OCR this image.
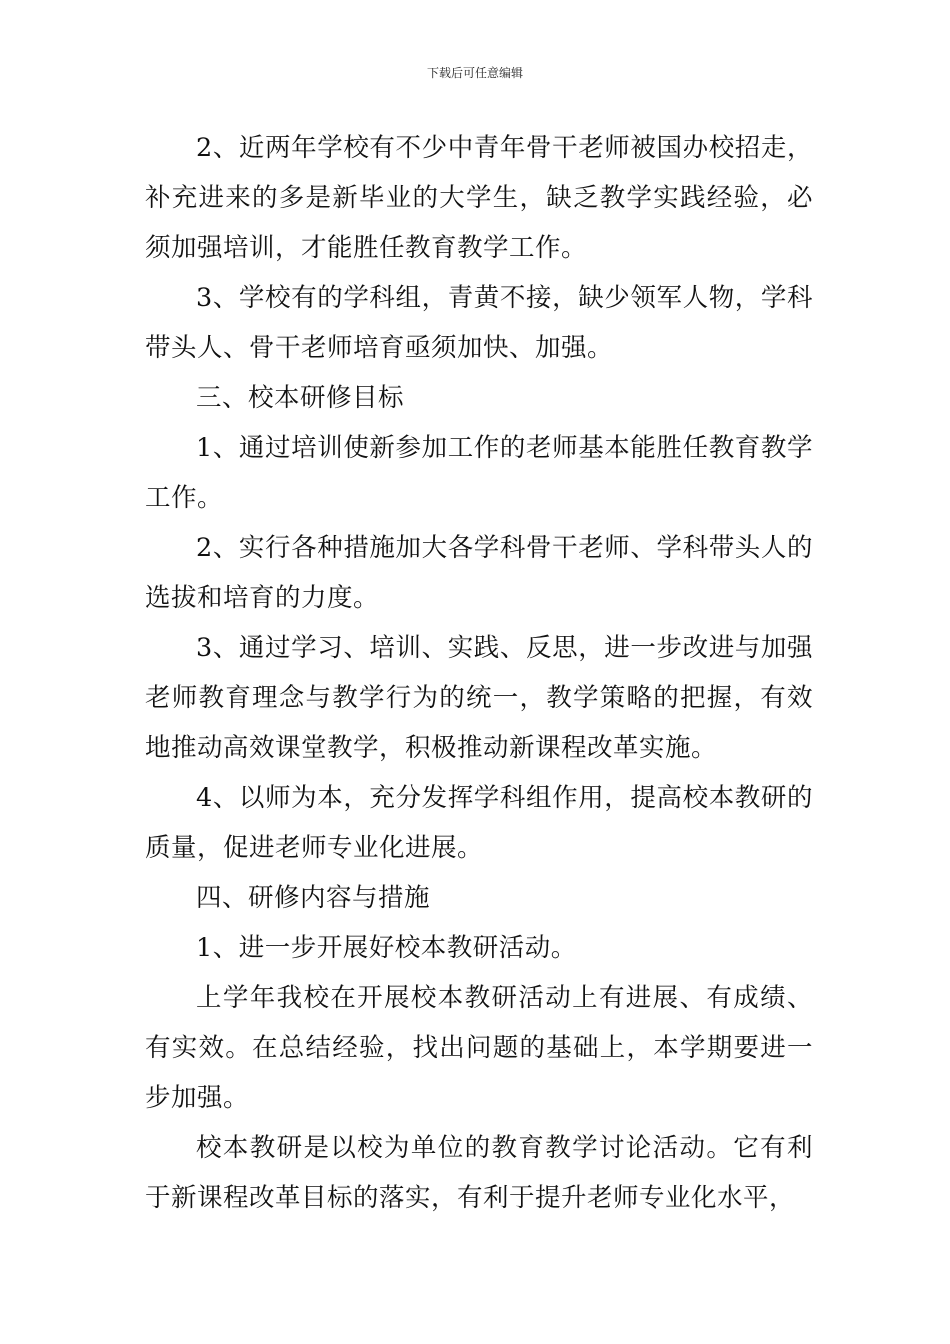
下载后可任意编辑

2、近两年学校有不少中青年骨干老师被国办校招走，补充进来的多是新毕业的大学生，缺乏教学实践经验，必须加强培训，才能胜任教育教学工作。

3、学校有的学科组，青黄不接，缺少领军人物，学科带头人、骨干老师培育亟须加快、加强。

三、校本研修目标

1、通过培训使新参加工作的老师基本能胜任教育教学工作。

2、实行各种措施加大各学科骨干老师、学科带头人的选拔和培育的力度。

3、通过学习、培训、实践、反思，进一步改进与加强老师教育理念与教学行为的统一，教学策略的把握，有效地推动高效课堂教学，积极推动新课程改革实施。

4、以师为本，充分发挥学科组作用，提高校本教研的质量，促进老师专业化进展。

四、研修内容与措施

1、进一步开展好校本教研活动。

上学年我校在开展校本教研活动上有进展、有成绩、有实效。在总结经验，找出问题的基础上，本学期要进一步加强。

校本教研是以校为单位的教育教学讨论活动。它有利于新课程改革目标的落实，有利于提升老师专业化水平，
